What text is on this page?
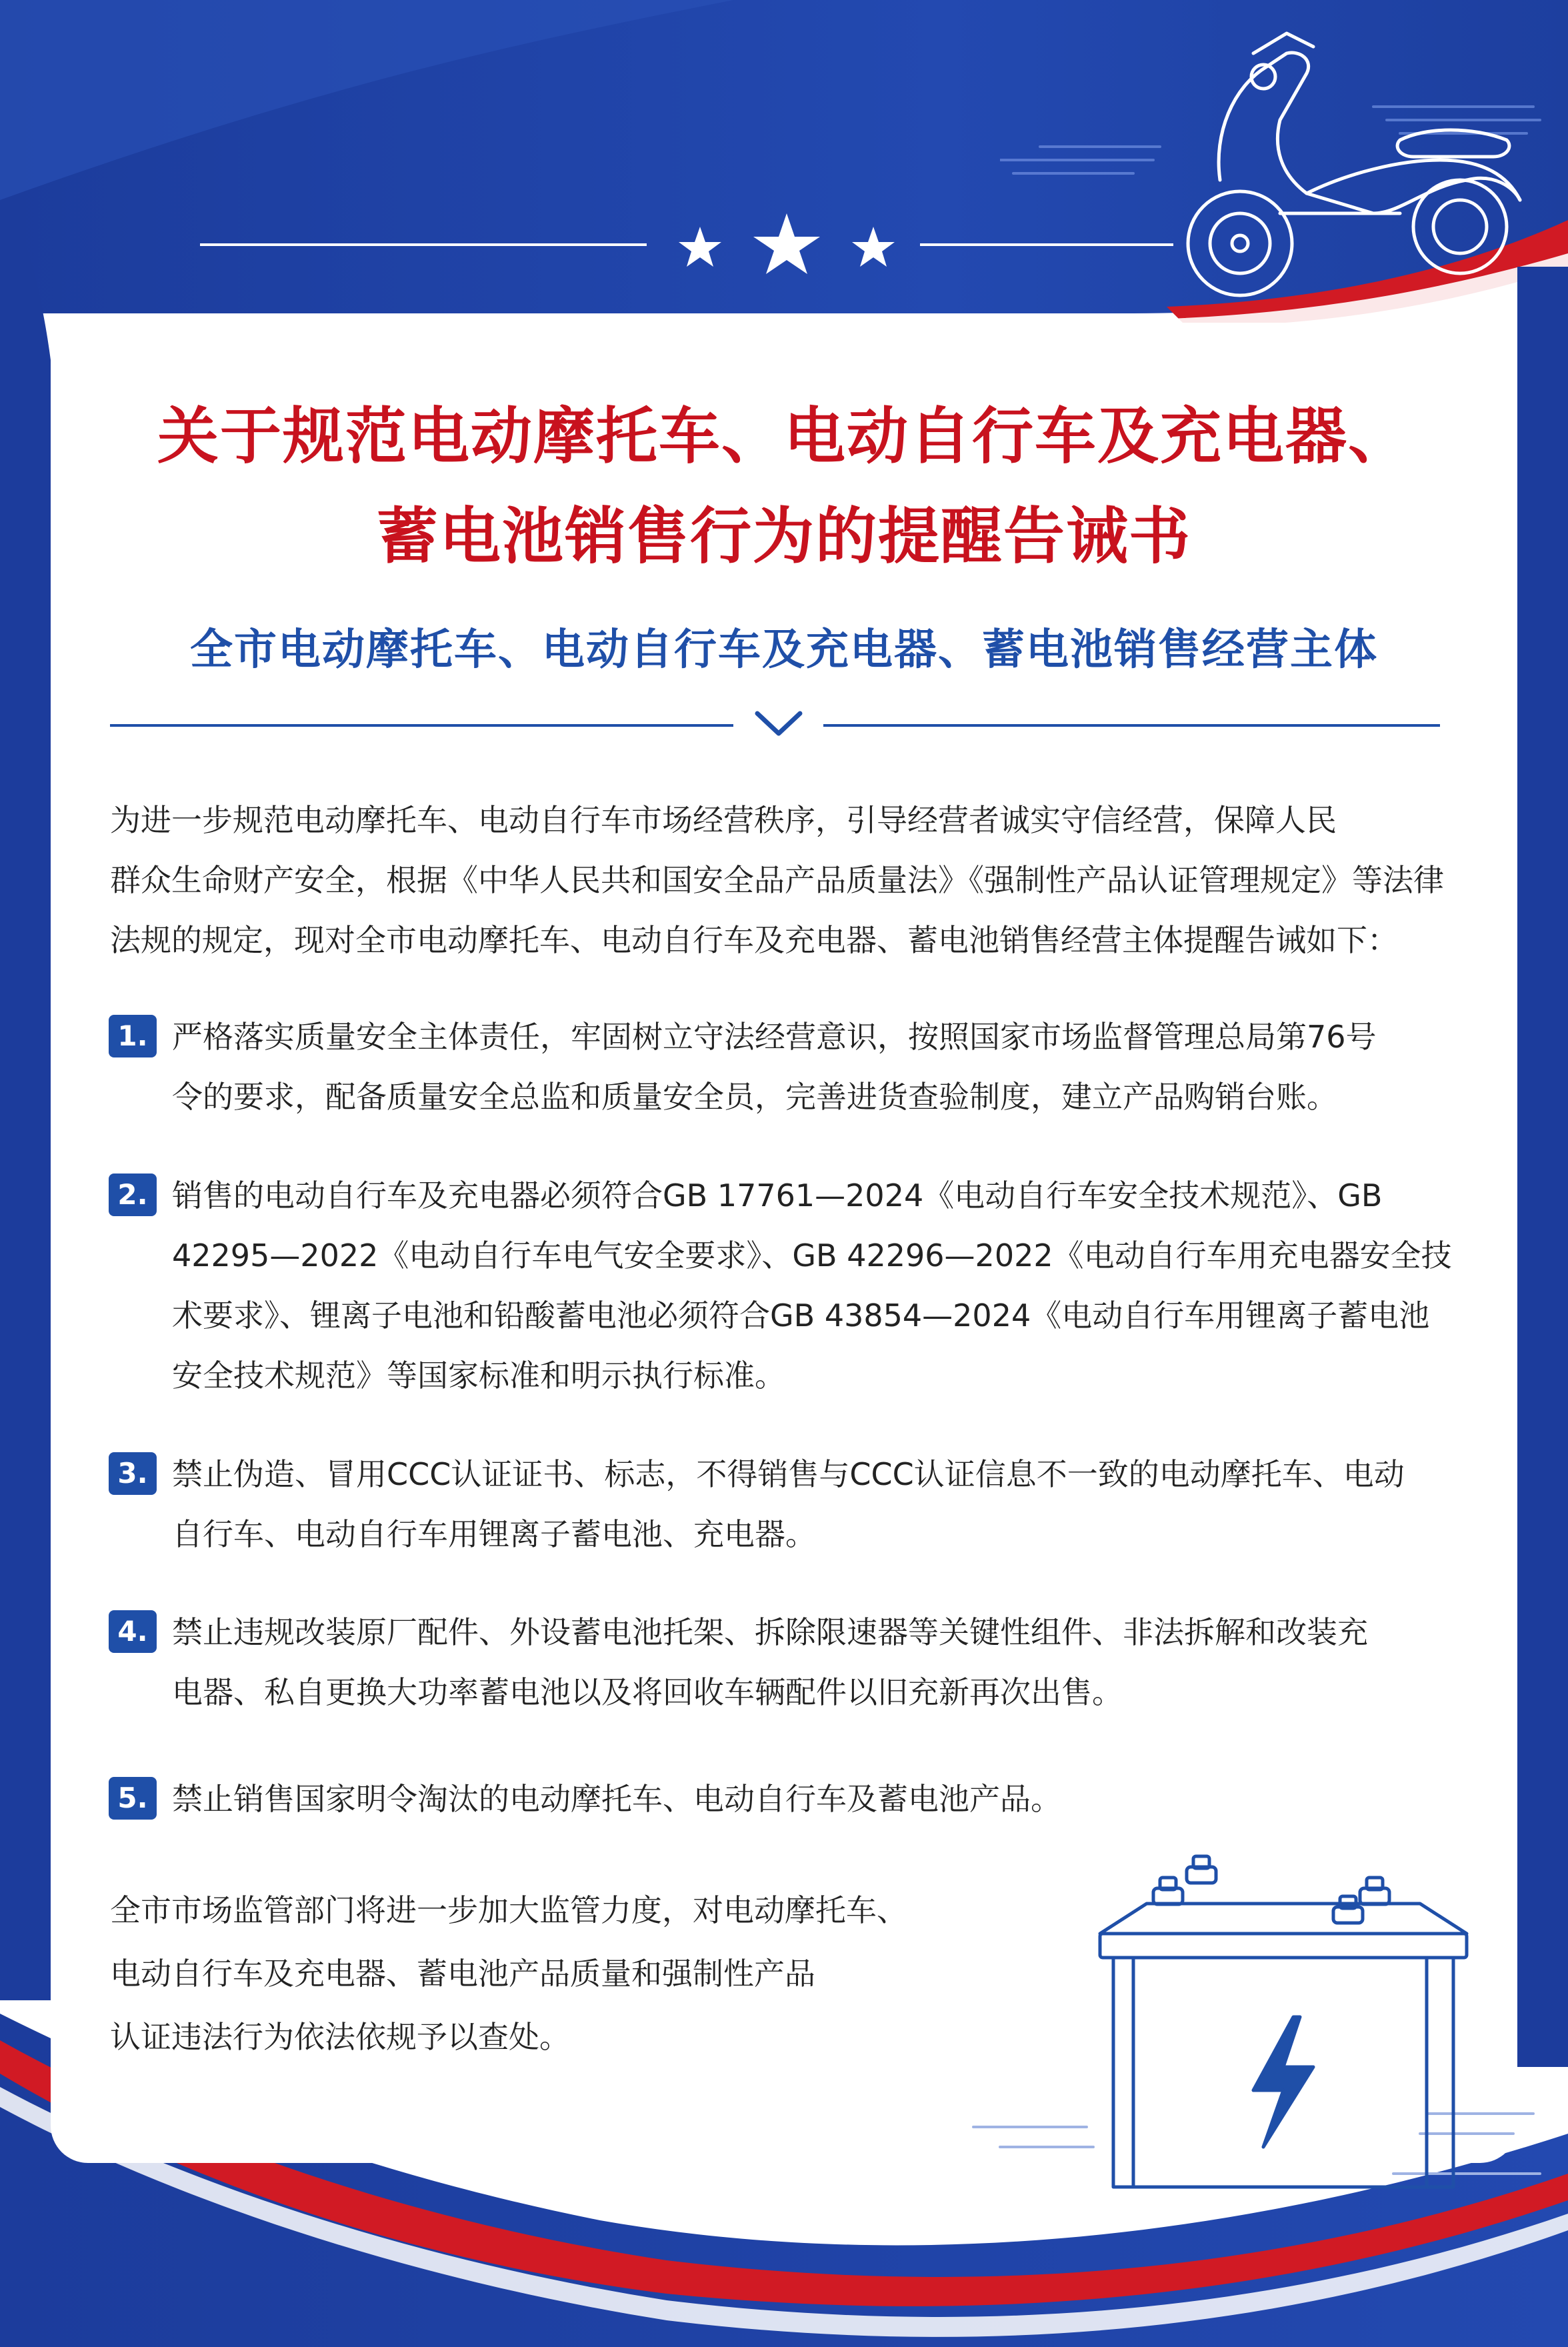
关于规范电动摩托车、电动自行车及充电器、
蓄电池销售行为的提醒告诫书
全市电动摩托车、电动自行车及充电器、蓄电池销售经营主体

为进一步规范电动摩托车、电动自行车市场经营秩序，引导经营者诚实守信经营，保障人民

群众生命财产安全，根据《中华人民共和国安全品产品质量法》《强制性产品认证管理规定》等法律

法规的规定，现对全市电动摩托车、电动自行车及充电器、蓄电池销售经营主体提醒告诫如下：

1. 严格落实质量安全主体责任，牢固树立守法经营意识，按照国家市场监督管理总局第76号

令的要求，配备质量安全总监和质量安全员，完善进货查验制度，建立产品购销台账。

2. 销售的电动自行车及充电器必须符合GB 17761—2024《电动自行车安全技术规范》、GB

42295—2022《电动自行车电气安全要求》、GB 42296—2022《电动自行车用充电器安全技

术要求》、锂离子电池和铅酸蓄电池必须符合GB 43854—2024《电动自行车用锂离子蓄电池

安全技术规范》等国家标准和明示执行标准。

3. 禁止伪造、冒用CCC认证证书、标志，不得销售与CCC认证信息不一致的电动摩托车、电动

自行车、电动自行车用锂离子蓄电池、充电器。

4. 禁止违规改装原厂配件、外设蓄电池托架、拆除限速器等关键性组件、非法拆解和改装充

电器、私自更换大功率蓄电池以及将回收车辆配件以旧充新再次出售。

5. 禁止销售国家明令淘汰的电动摩托车、电动自行车及蓄电池产品。

全市市场监管部门将进一步加大监管力度，对电动摩托车、

电动自行车及充电器、蓄电池产品质量和强制性产品

认证违法行为依法依规予以查处。
